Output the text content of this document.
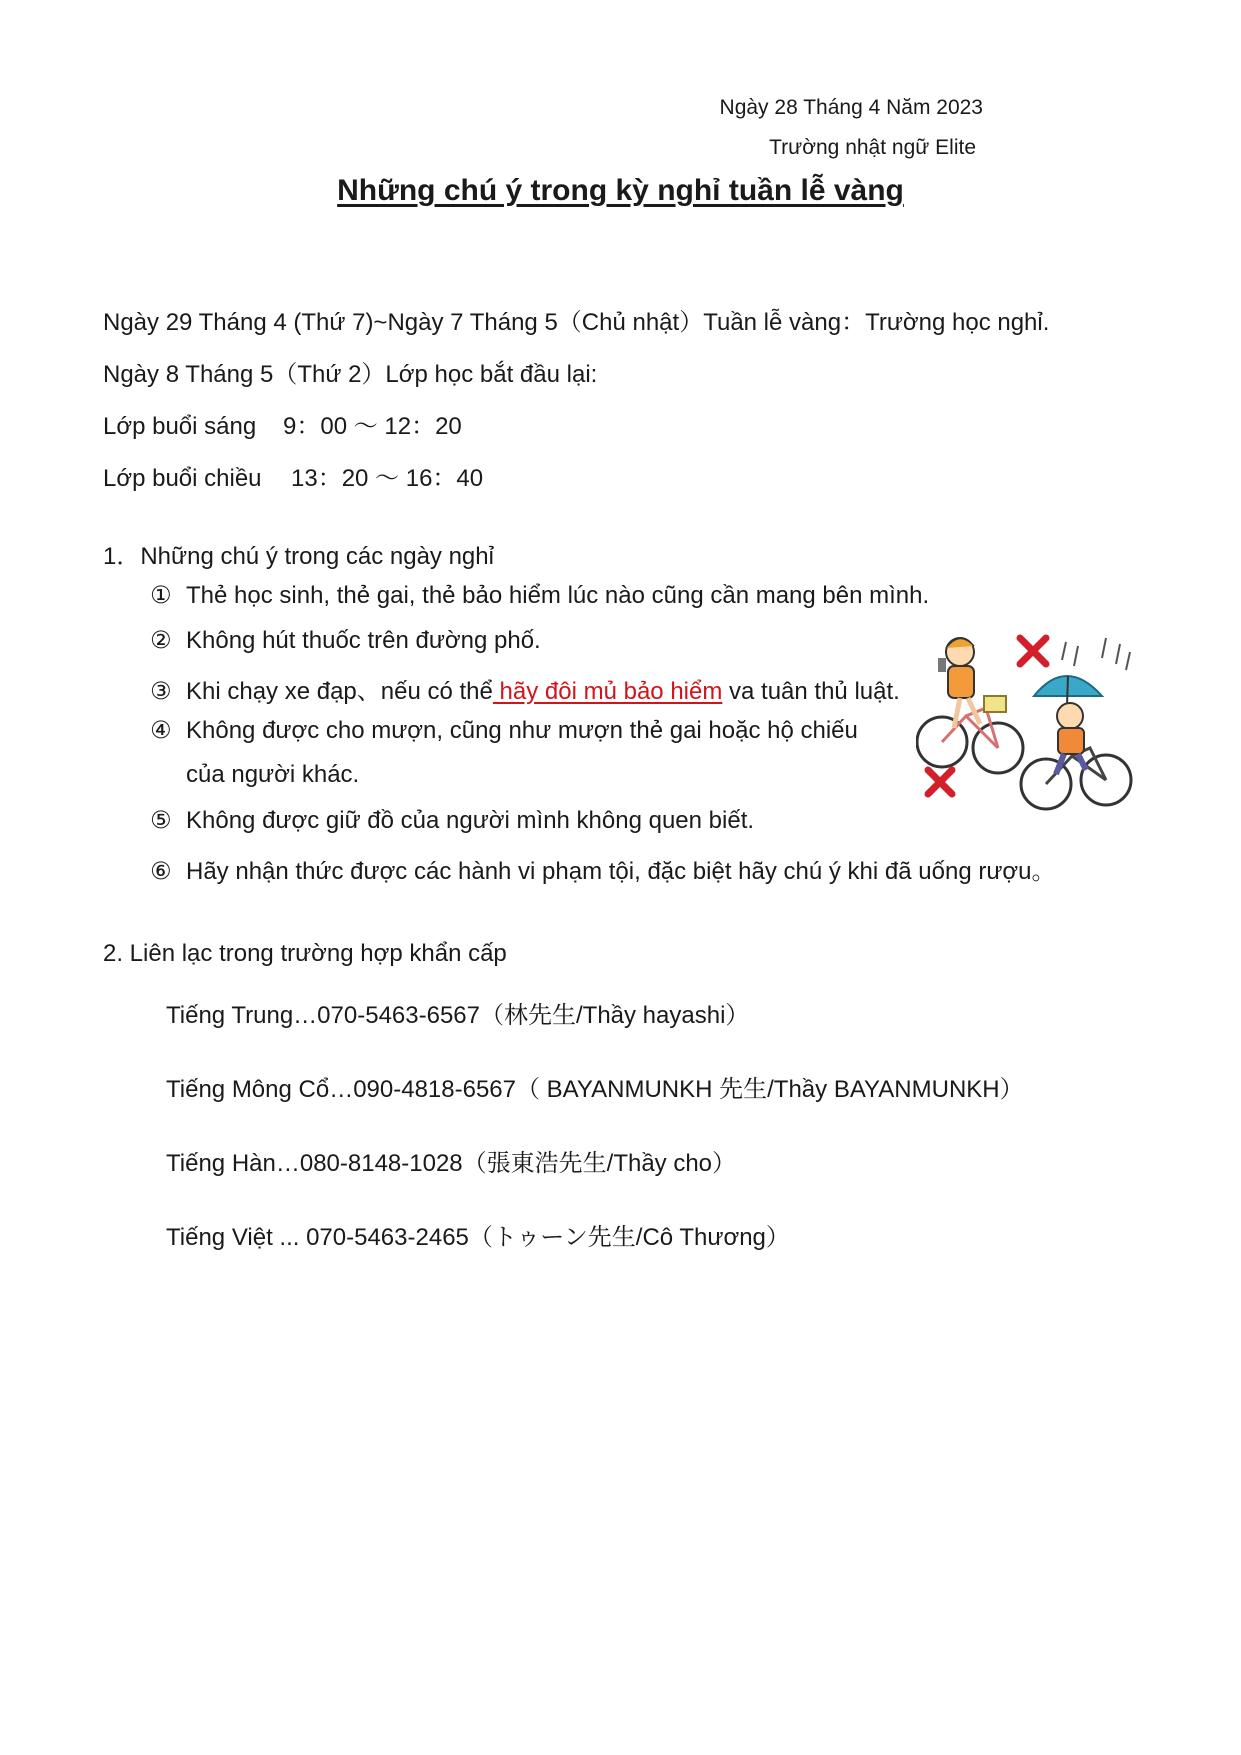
Ngày 28 Tháng 4 Năm 2023
Trường nhật ngữ Elite
Những chú ý trong kỳ nghỉ tuần lễ vàng
Ngày 29 Tháng 4 (Thứ 7)~Ngày 7 Tháng 5（Chủ nhật）Tuần lễ vàng：Trường học nghỉ.
Ngày 8 Tháng 5（Thứ 2）Lớp học bắt đầu lại:
Lớp buổi sáng 9：00 ～ 12：20
Lớp buổi chiều 13：20 ～ 16：40
1．Những chú ý trong các ngày nghỉ
① Thẻ học sinh, thẻ gai, thẻ bảo hiểm lúc nào cũng cần mang bên mình.
② Không hút thuốc trên đường phố.
③ Khi chạy xe đạp、nếu có thể hãy đôi mủ bảo hiểm va tuân thủ luật.
④ Không được cho mượn, cũng như mượn thẻ gai hoặc hộ chiếu
của người khác.
⑤ Không được giữ đồ của người mình không quen biết.
⑥ Hãy nhận thức được các hành vi phạm tội, đặc biệt hãy chú ý khi đã uống rượu。
2. Liên lạc trong trường hợp khẩn cấp
Tiếng Trung…070-5463-6567（林先生/Thầy hayashi）
Tiếng Mông Cổ…090-4818-6567（ BAYANMUNKH 先生/Thầy BAYANMUNKH）
Tiếng Hàn…080-8148-1028（張東浩先生/Thầy cho）
Tiếng Việt ... 070-5463-2465（トゥーン先生/Cô Thương）
